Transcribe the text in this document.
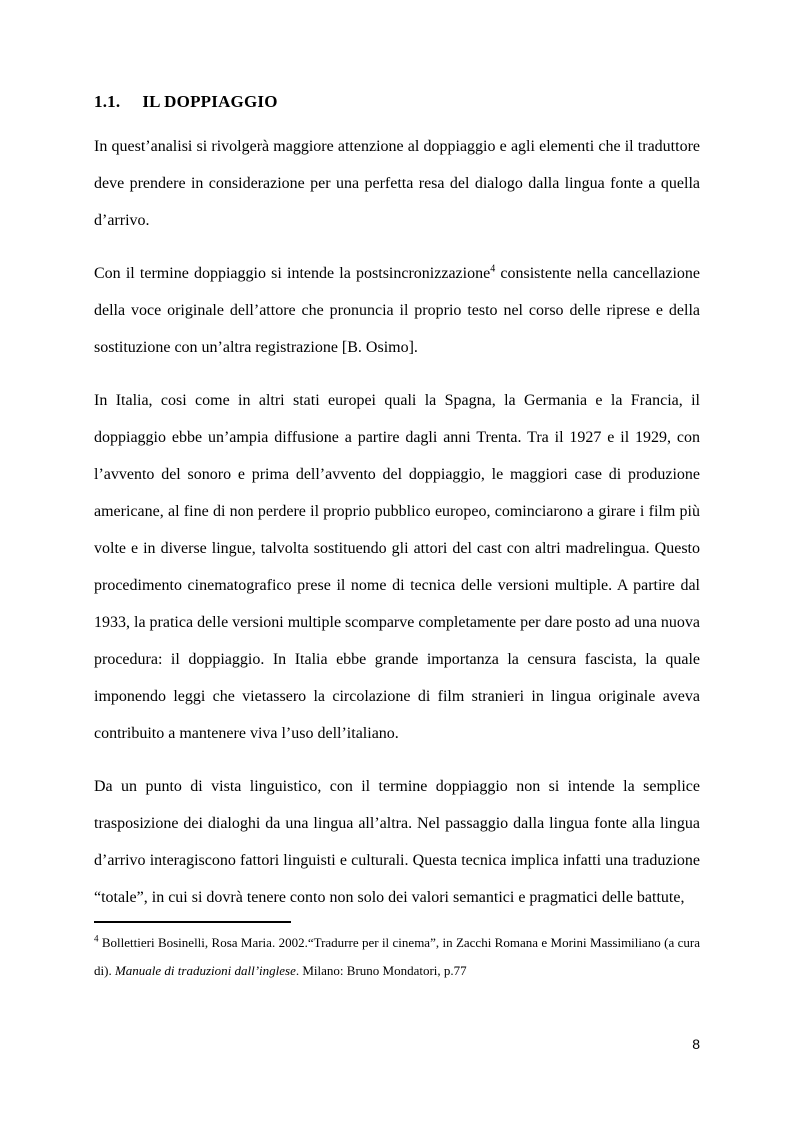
1.1. IL DOPPIAGGIO

In quest’analisi si rivolgerà maggiore attenzione al doppiaggio e agli elementi che il traduttore deve prendere in considerazione per una perfetta resa del dialogo dalla lingua fonte a quella d’arrivo.

Con il termine doppiaggio si intende la postsincronizzazione$^4$ consistente nella cancellazione della voce originale dell’attore che pronuncia il proprio testo nel corso delle riprese e della sostituzione con un’altra registrazione [B. Osimo].

In Italia, cosi come in altri stati europei quali la Spagna, la Germania e la Francia, il doppiaggio ebbe un’ampia diffusione a partire dagli anni Trenta. Tra il 1927 e il 1929, con l’avvento del sonoro e prima dell’avvento del doppiaggio, le maggiori case di produzione americane, al fine di non perdere il proprio pubblico europeo, cominciarono a girare i film più volte e in diverse lingue, talvolta sostituendo gli attori del cast con altri madrelingua. Questo procedimento cinematografico prese il nome di tecnica delle versioni multiple. A partire dal 1933, la pratica delle versioni multiple scomparve completamente per dare posto ad una nuova procedura: il doppiaggio. In Italia ebbe grande importanza la censura fascista, la quale imponendo leggi che vietassero la circolazione di film stranieri in lingua originale aveva contribuito a mantenere viva l’uso dell’italiano.

Da un punto di vista linguistico, con il termine doppiaggio non si intende la semplice trasposizione dei dialoghi da una lingua all’altra. Nel passaggio dalla lingua fonte alla lingua d’arrivo interagiscono fattori linguisti e culturali. Questa tecnica implica infatti una traduzione “totale”, in cui si dovrà tenere conto non solo dei valori semantici e pragmatici delle battute,

$^4$ Bollettieri Bosinelli, Rosa Maria. 2002.“Tradurre per il cinema”, in Zacchi Romana e Morini Massimiliano (a cura di). Manuale di traduzioni dall’inglese. Milano: Bruno Mondatori, p.77
8
